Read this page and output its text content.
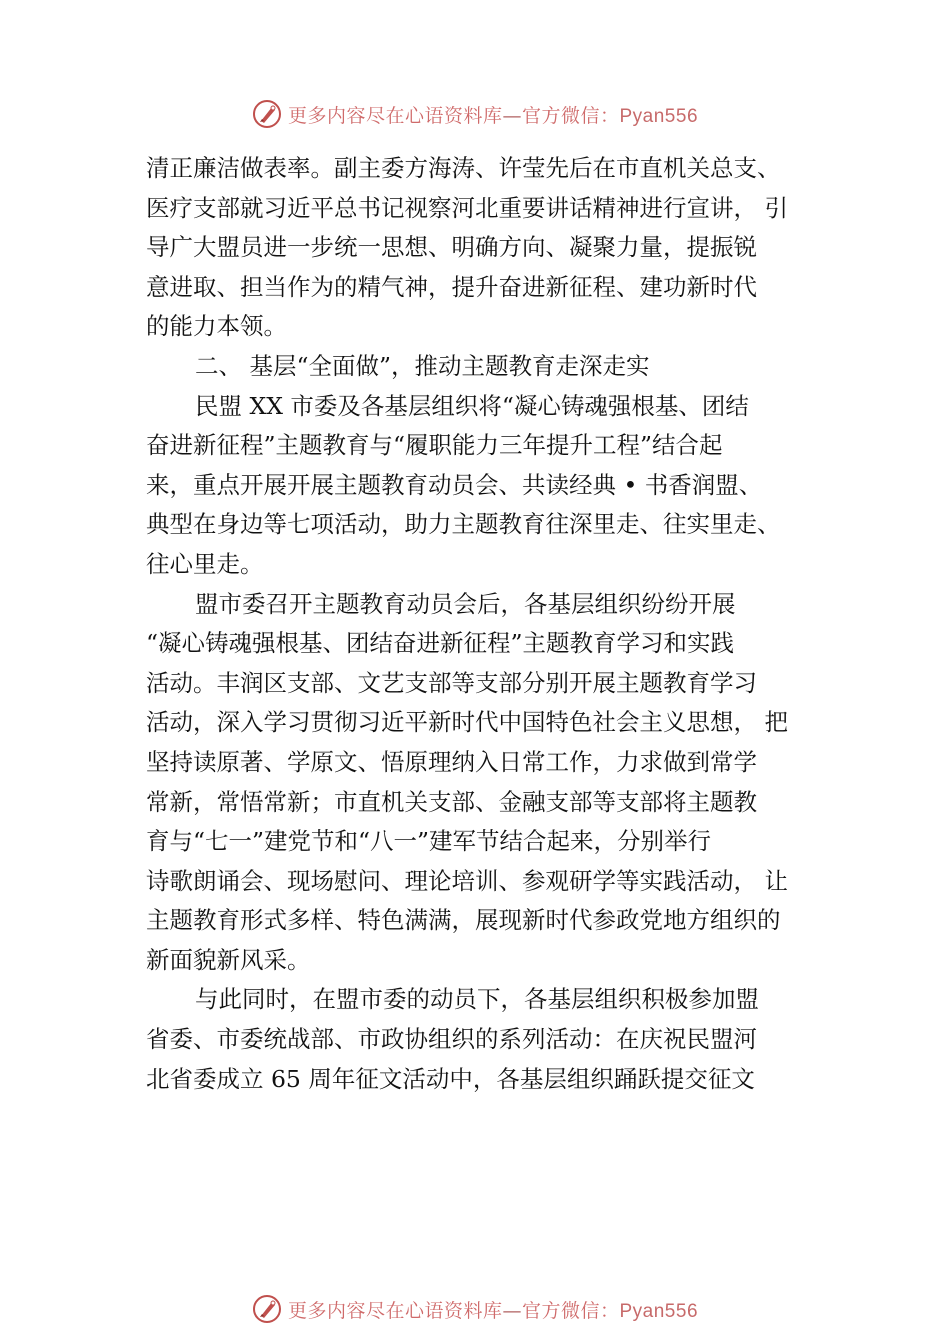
更多内容尽在心语资料库—官方微信：Pyan556
清正廉洁做表率。副主委方海涛、许莹先后在市直机关总支、
医疗支部就习近平总书记视察河北重要讲话精神进行宣讲， 引
导广大盟员进一步统一思想、明确方向、凝聚力量，提振锐
意进取、担当作为的精气神，提升奋进新征程、建功新时代
的能力本领。
二、 基层“全面做”，推动主题教育走深走实
民盟 XX 市委及各基层组织将“凝心铸魂强根基、团结
奋进新征程”主题教育与“履职能力三年提升工程”结合起
来，重点开展开展主题教育动员会、共读经典 • 书香润盟、
典型在身边等七项活动，助力主题教育往深里走、往实里走、
往心里走。
盟市委召开主题教育动员会后，各基层组织纷纷开展
“凝心铸魂强根基、团结奋进新征程”主题教育学习和实践
活动。丰润区支部、文艺支部等支部分别开展主题教育学习
活动，深入学习贯彻习近平新时代中国特色社会主义思想， 把
坚持读原著、学原文、悟原理纳入日常工作，力求做到常学
常新，常悟常新；市直机关支部、金融支部等支部将主题教
育与“七一”建党节和“八一”建军节结合起来，分别举行
诗歌朗诵会、现场慰问、理论培训、参观研学等实践活动， 让
主题教育形式多样、特色满满，展现新时代参政党地方组织的
新面貌新风采。
与此同时，在盟市委的动员下，各基层组织积极参加盟
省委、市委统战部、市政协组织的系列活动：在庆祝民盟河
北省委成立 65 周年征文活动中，各基层组织踊跃提交征文
更多内容尽在心语资料库—官方微信：Pyan556
